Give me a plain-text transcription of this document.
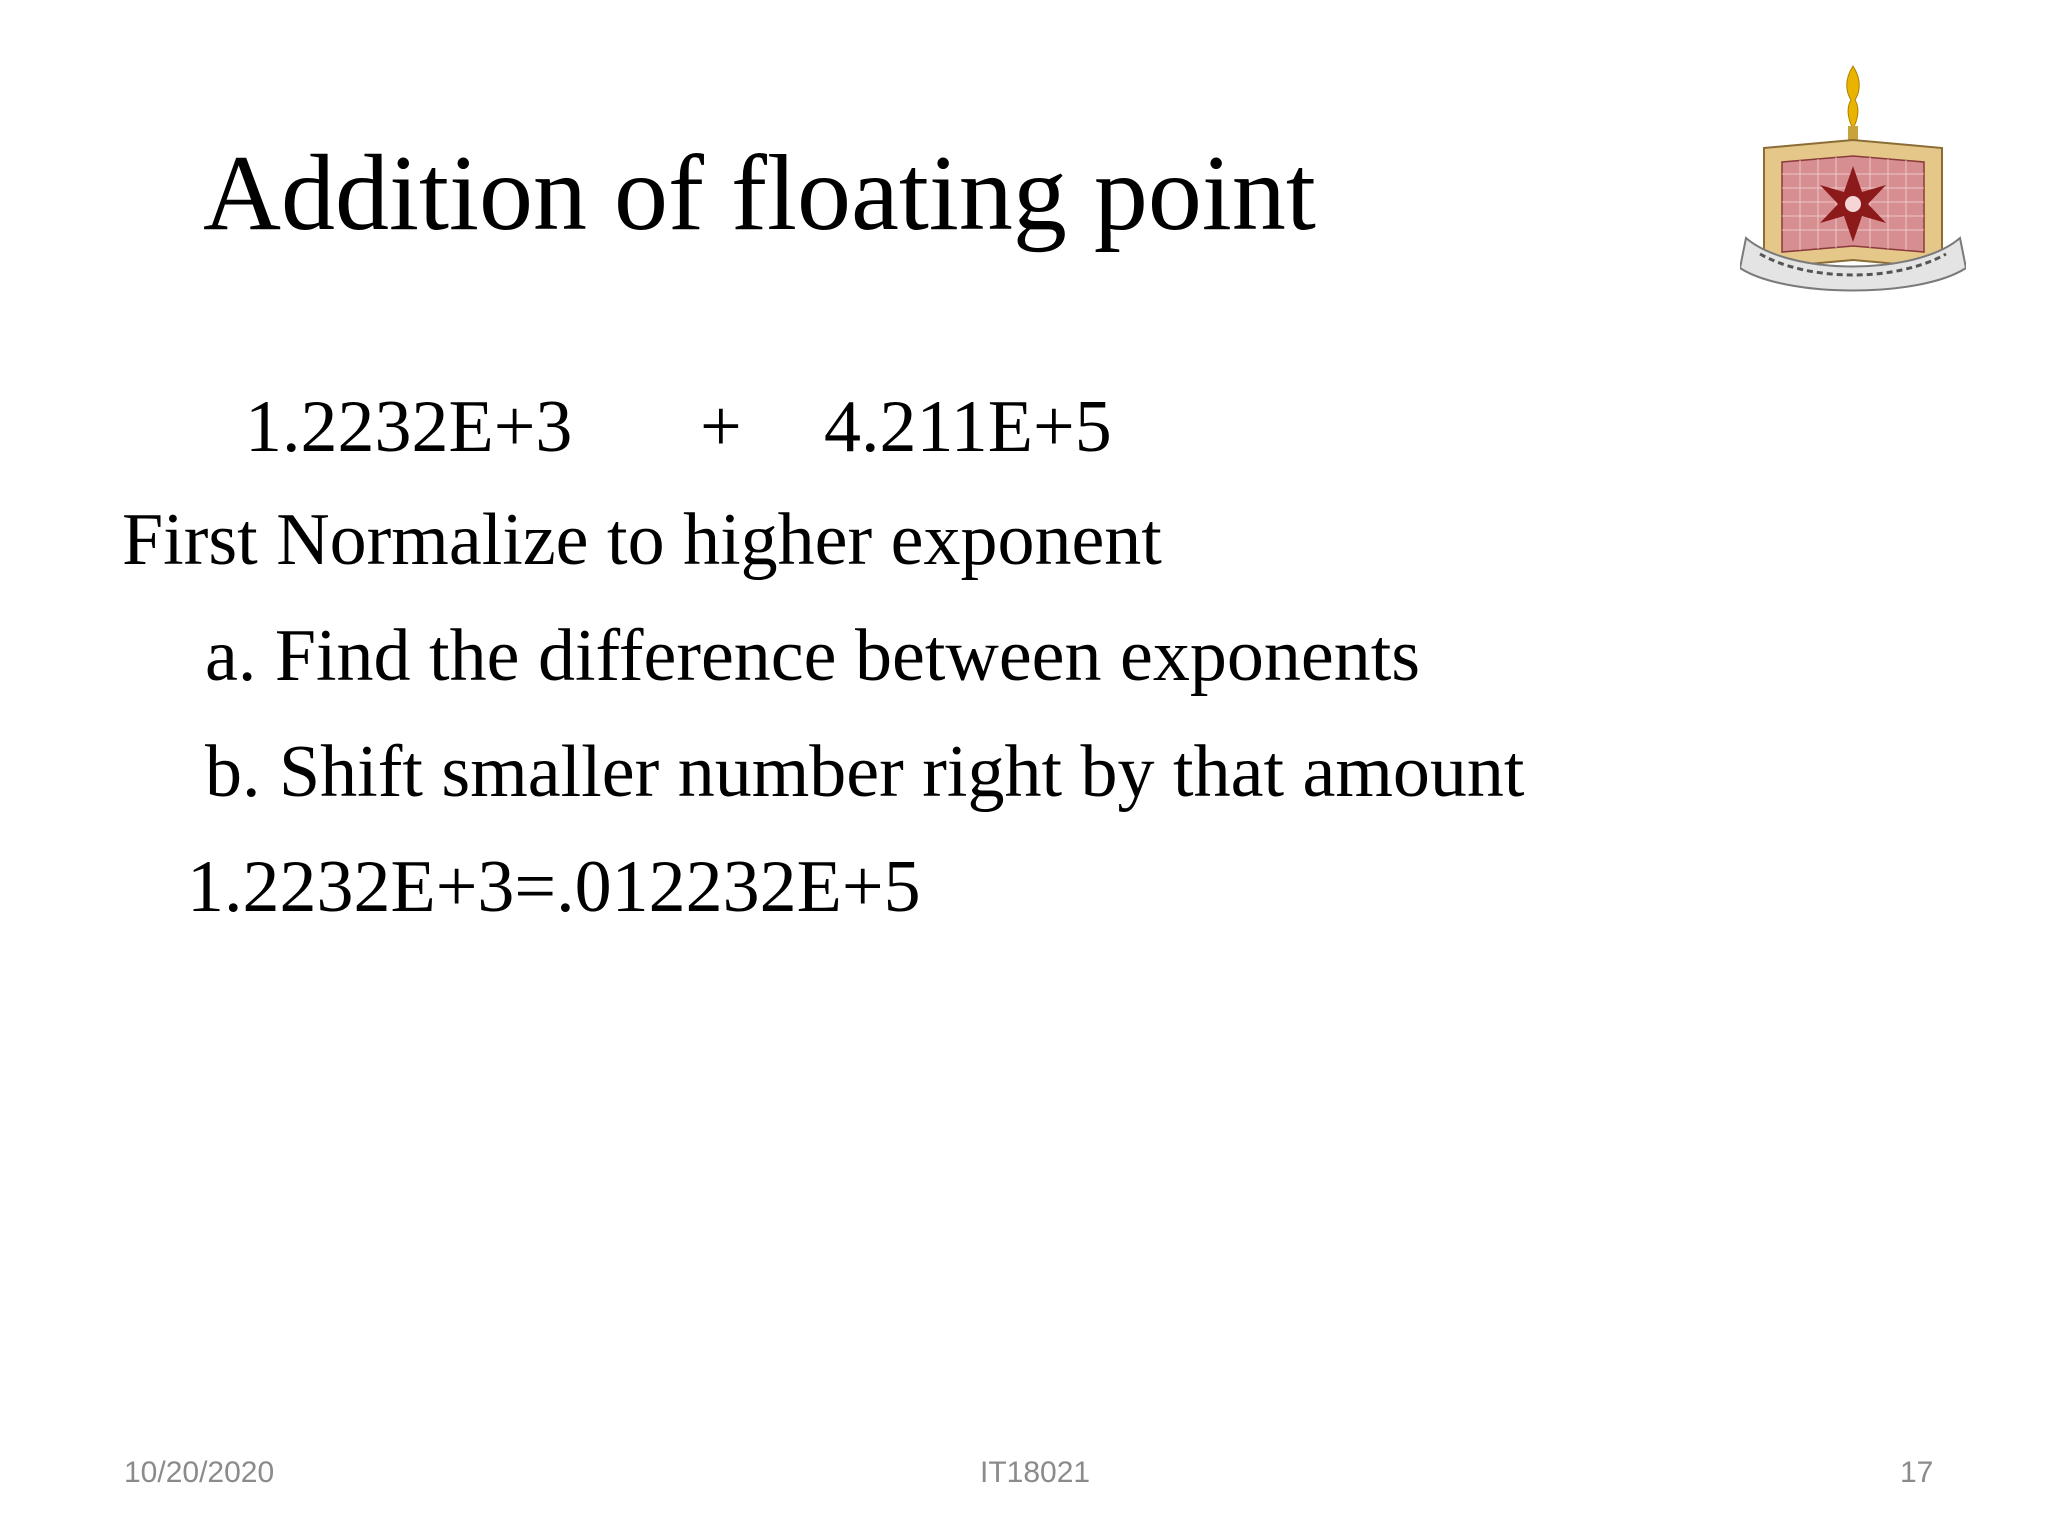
Addition of floating point
1.2232E+3 + 4.211E+5
First Normalize to higher exponent
a. Find the difference between exponents
b. Shift smaller number right by that amount
1.2232E+3=.012232E+5
10/20/2020	IT18021	17
